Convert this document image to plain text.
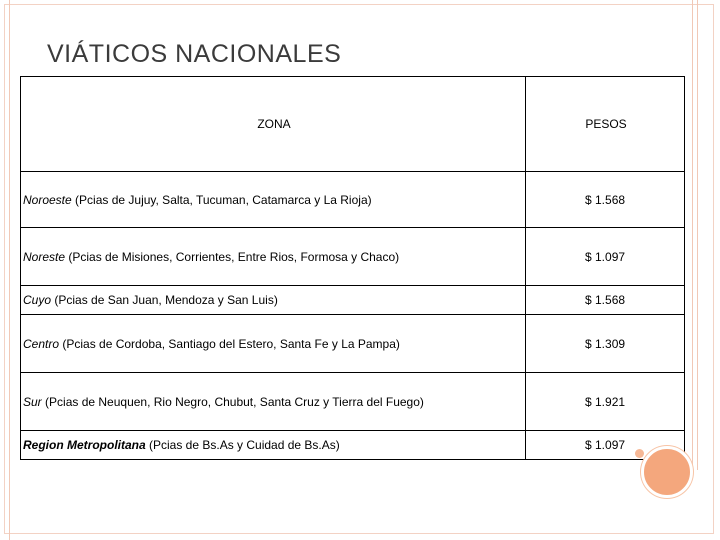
VIÁTICOS NACIONALES
ZONA	PESOS
Noroeste (Pcias de Jujuy, Salta, Tucuman, Catamarca y La Rioja)	$ 1.568
Noreste (Pcias de Misiones, Corrientes, Entre Rios, Formosa y Chaco)	$ 1.097
Cuyo (Pcias de San Juan, Mendoza y San Luis)	$ 1.568
Centro (Pcias de Cordoba, Santiago del Estero, Santa Fe y La Pampa)	$ 1.309
Sur (Pcias de Neuquen, Rio Negro, Chubut, Santa Cruz y Tierra del Fuego)	$ 1.921
Region Metropolitana (Pcias de Bs.As y Cuidad de Bs.As)	$ 1.097
